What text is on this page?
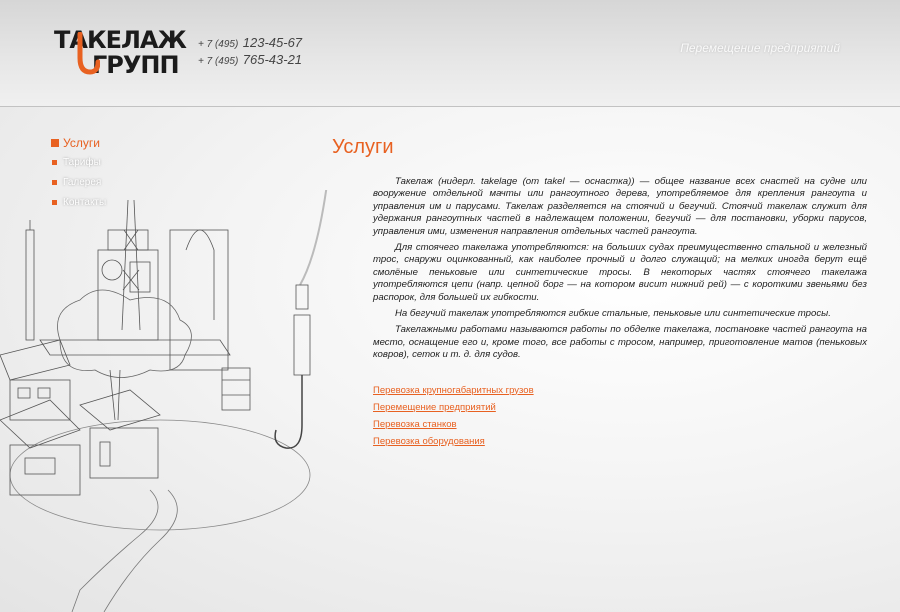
ТАКЕЛАЖ
ГРУПП
+ 7 (495) 123-45-67
+ 7 (495) 765-43-21
Перемещение предприятий
Услуги
Тарифы
Галерея
Контакты
Услуги

Такелаж (нидерл. takelage (от takel — оснастка)) — общее название всех снастей на судне или вооружение отдельной мачты или рангоутного дерева, употребляемое для крепления рангоута и управления им и парусами. Такелаж разделяется на стоячий и бегучий. Стоячий такелаж служит для удержания рангоутных частей в надлежащем положении, бегучий — для постановки, уборки парусов, управления ими, изменения направления отдельных частей рангоута.

Для стоячего такелажа употребляются: на больших судах преимущественно стальной и железный трос, снаружи оцинкованный, как наиболее прочный и долго служащий; на мелких иногда берут ещё смолёные пеньковые или синтетические тросы. В некоторых частях стоячего такелажа употребляются цепи (напр. цепной борг — на котором висит нижний рей) — с короткими звеньями без распорок, для большей их гибкости.

На бегучий такелаж употребляются гибкие стальные, пеньковые или синтетические тросы.

Такелажными работами называются работы по обделке такелажа, постановке частей рангоута на место, оснащение его и, кроме того, все работы с тросом, например, приготовление матов (пеньковых ковров), сеток и т. д. для судов.

Перевозка крупногабаритных грузов
Перемещение предприятий
Перевозка станков
Перевозка оборудования
